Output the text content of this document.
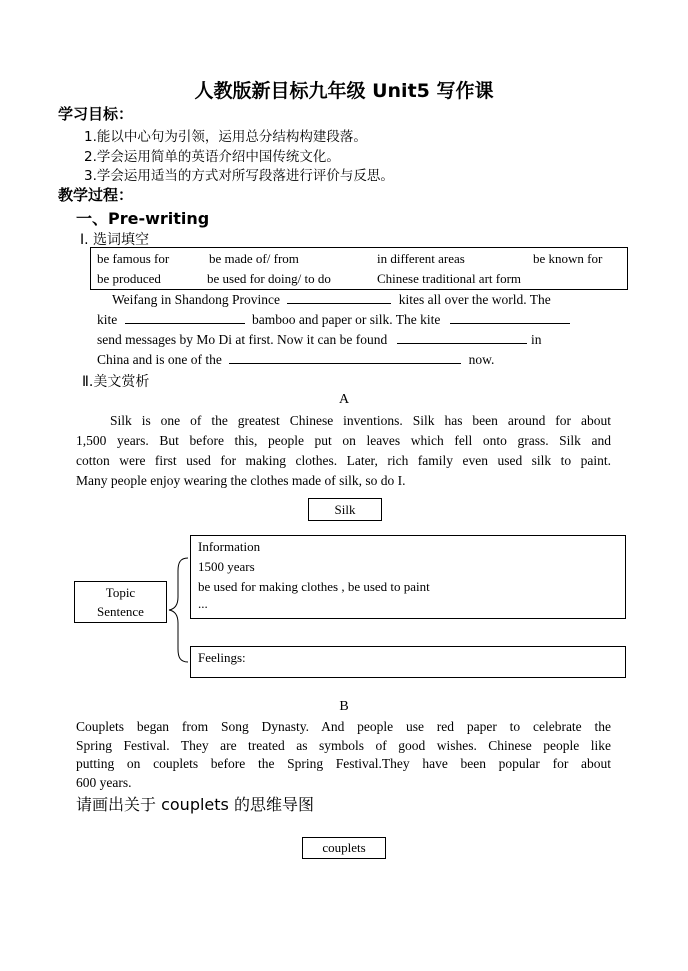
人教版新目标九年级 Unit5 写作课
学习目标：
1.能以中心句为引领，运用总分结构构建段落。
2.学会运用简单的英语介绍中国传统文化。
3.学会运用适当的方式对所写段落进行评价与反思。
教学过程：
一、Pre-writing
Ⅰ. 选词填空
be famous for	be made of/ from	in different areas	be known for
be produced	be used for doing/ to do	Chinese traditional art form
Weifang in Shandong Province	kites all over the world. The
kite	bamboo and paper or silk. The kite
send messages by Mo Di at first. Now it can be found	in
China and is one of the	now.
Ⅱ.美文赏析
A
Silk is one of the greatest Chinese inventions. Silk has been around for about
1,500 years. But before this, people put on leaves which fell onto grass. Silk and
cotton were first used for making clothes. Later, rich family even used silk to paint.
Many people enjoy wearing the clothes made of silk, so do I.
Silk
Information
1500 years
be used for making clothes , be used to paint
...
Topic
Sentence
Feelings:
B
Couplets began from Song Dynasty. And people use red paper to celebrate the
Spring Festival. They are treated as symbols of good wishes. Chinese people like
putting on couplets before the Spring Festival.They have been popular for about
600 years.
请画出关于 couplets 的思维导图
couplets
